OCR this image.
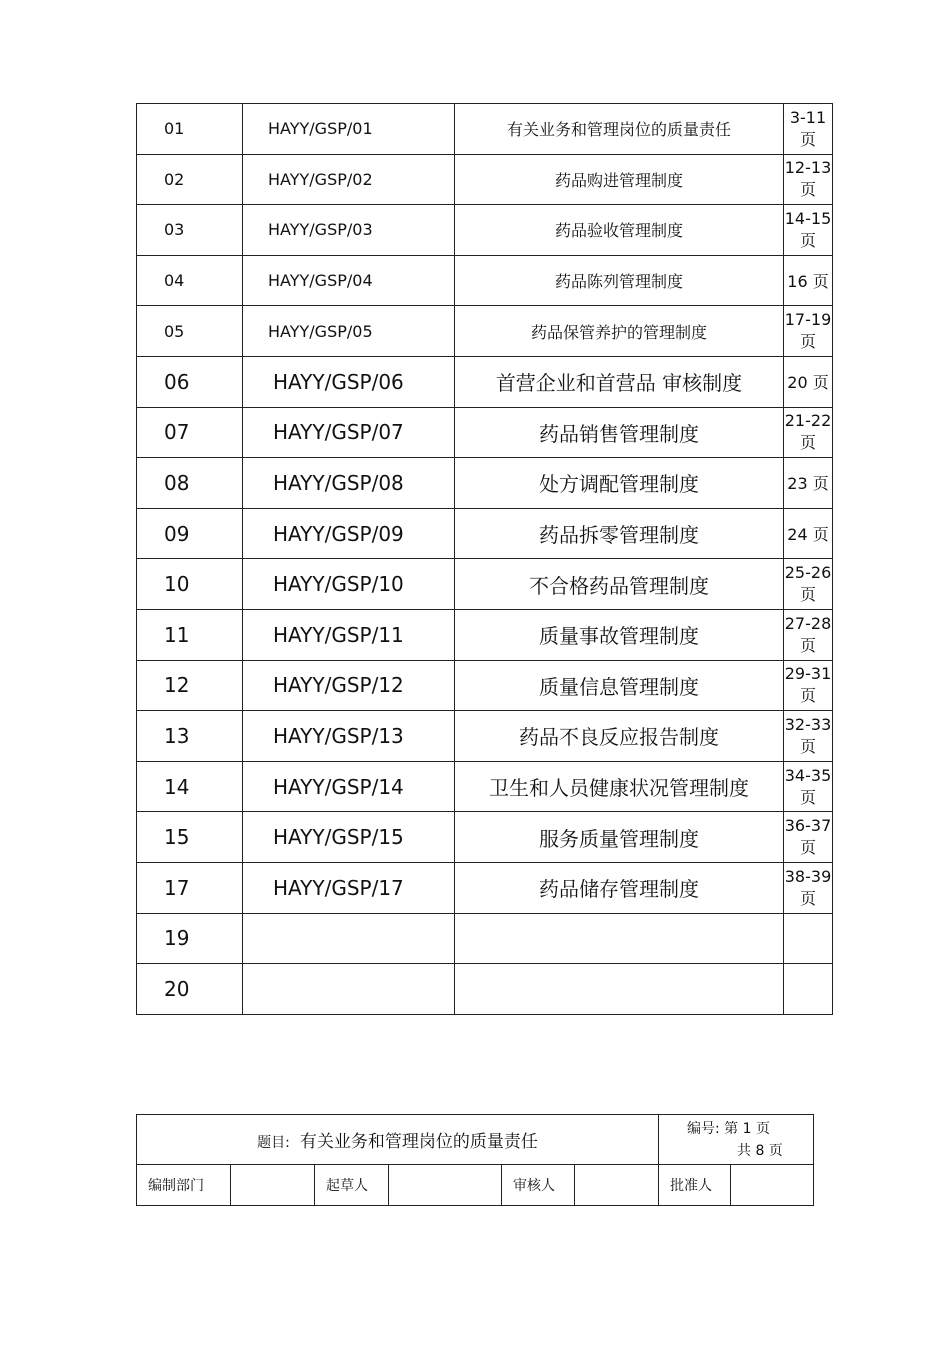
01	HAYY/GSP/01	有关业务和管理岗位的质量责任	3-11 页
02	HAYY/GSP/02	药品购进管理制度	12-13 页
03	HAYY/GSP/03	药品验收管理制度	14-15 页
04	HAYY/GSP/04	药品陈列管理制度	16 页
05	HAYY/GSP/05	药品保管养护的管理制度	17-19 页
06	HAYY/GSP/06	首营企业和首营品 审核制度	20 页
07	HAYY/GSP/07	药品销售管理制度	21-22 页
08	HAYY/GSP/08	处方调配管理制度	23 页
09	HAYY/GSP/09	药品拆零管理制度	24 页
10	HAYY/GSP/10	不合格药品管理制度	25-26 页
11	HAYY/GSP/11	质量事故管理制度	27-28 页
12	HAYY/GSP/12	质量信息管理制度	29-31 页
13	HAYY/GSP/13	药品不良反应报告制度	32-33 页
14	HAYY/GSP/14	卫生和人员健康状况管理制度	34-35 页
15	HAYY/GSP/15	服务质量管理制度	36-37 页
17	HAYY/GSP/17	药品储存管理制度	38-39 页
19			
20			
题目: 有关业务和管理岗位的质量责任						编号: 第 1 页
共 8 页	

编制部门		起草人		审核人		批准人	
